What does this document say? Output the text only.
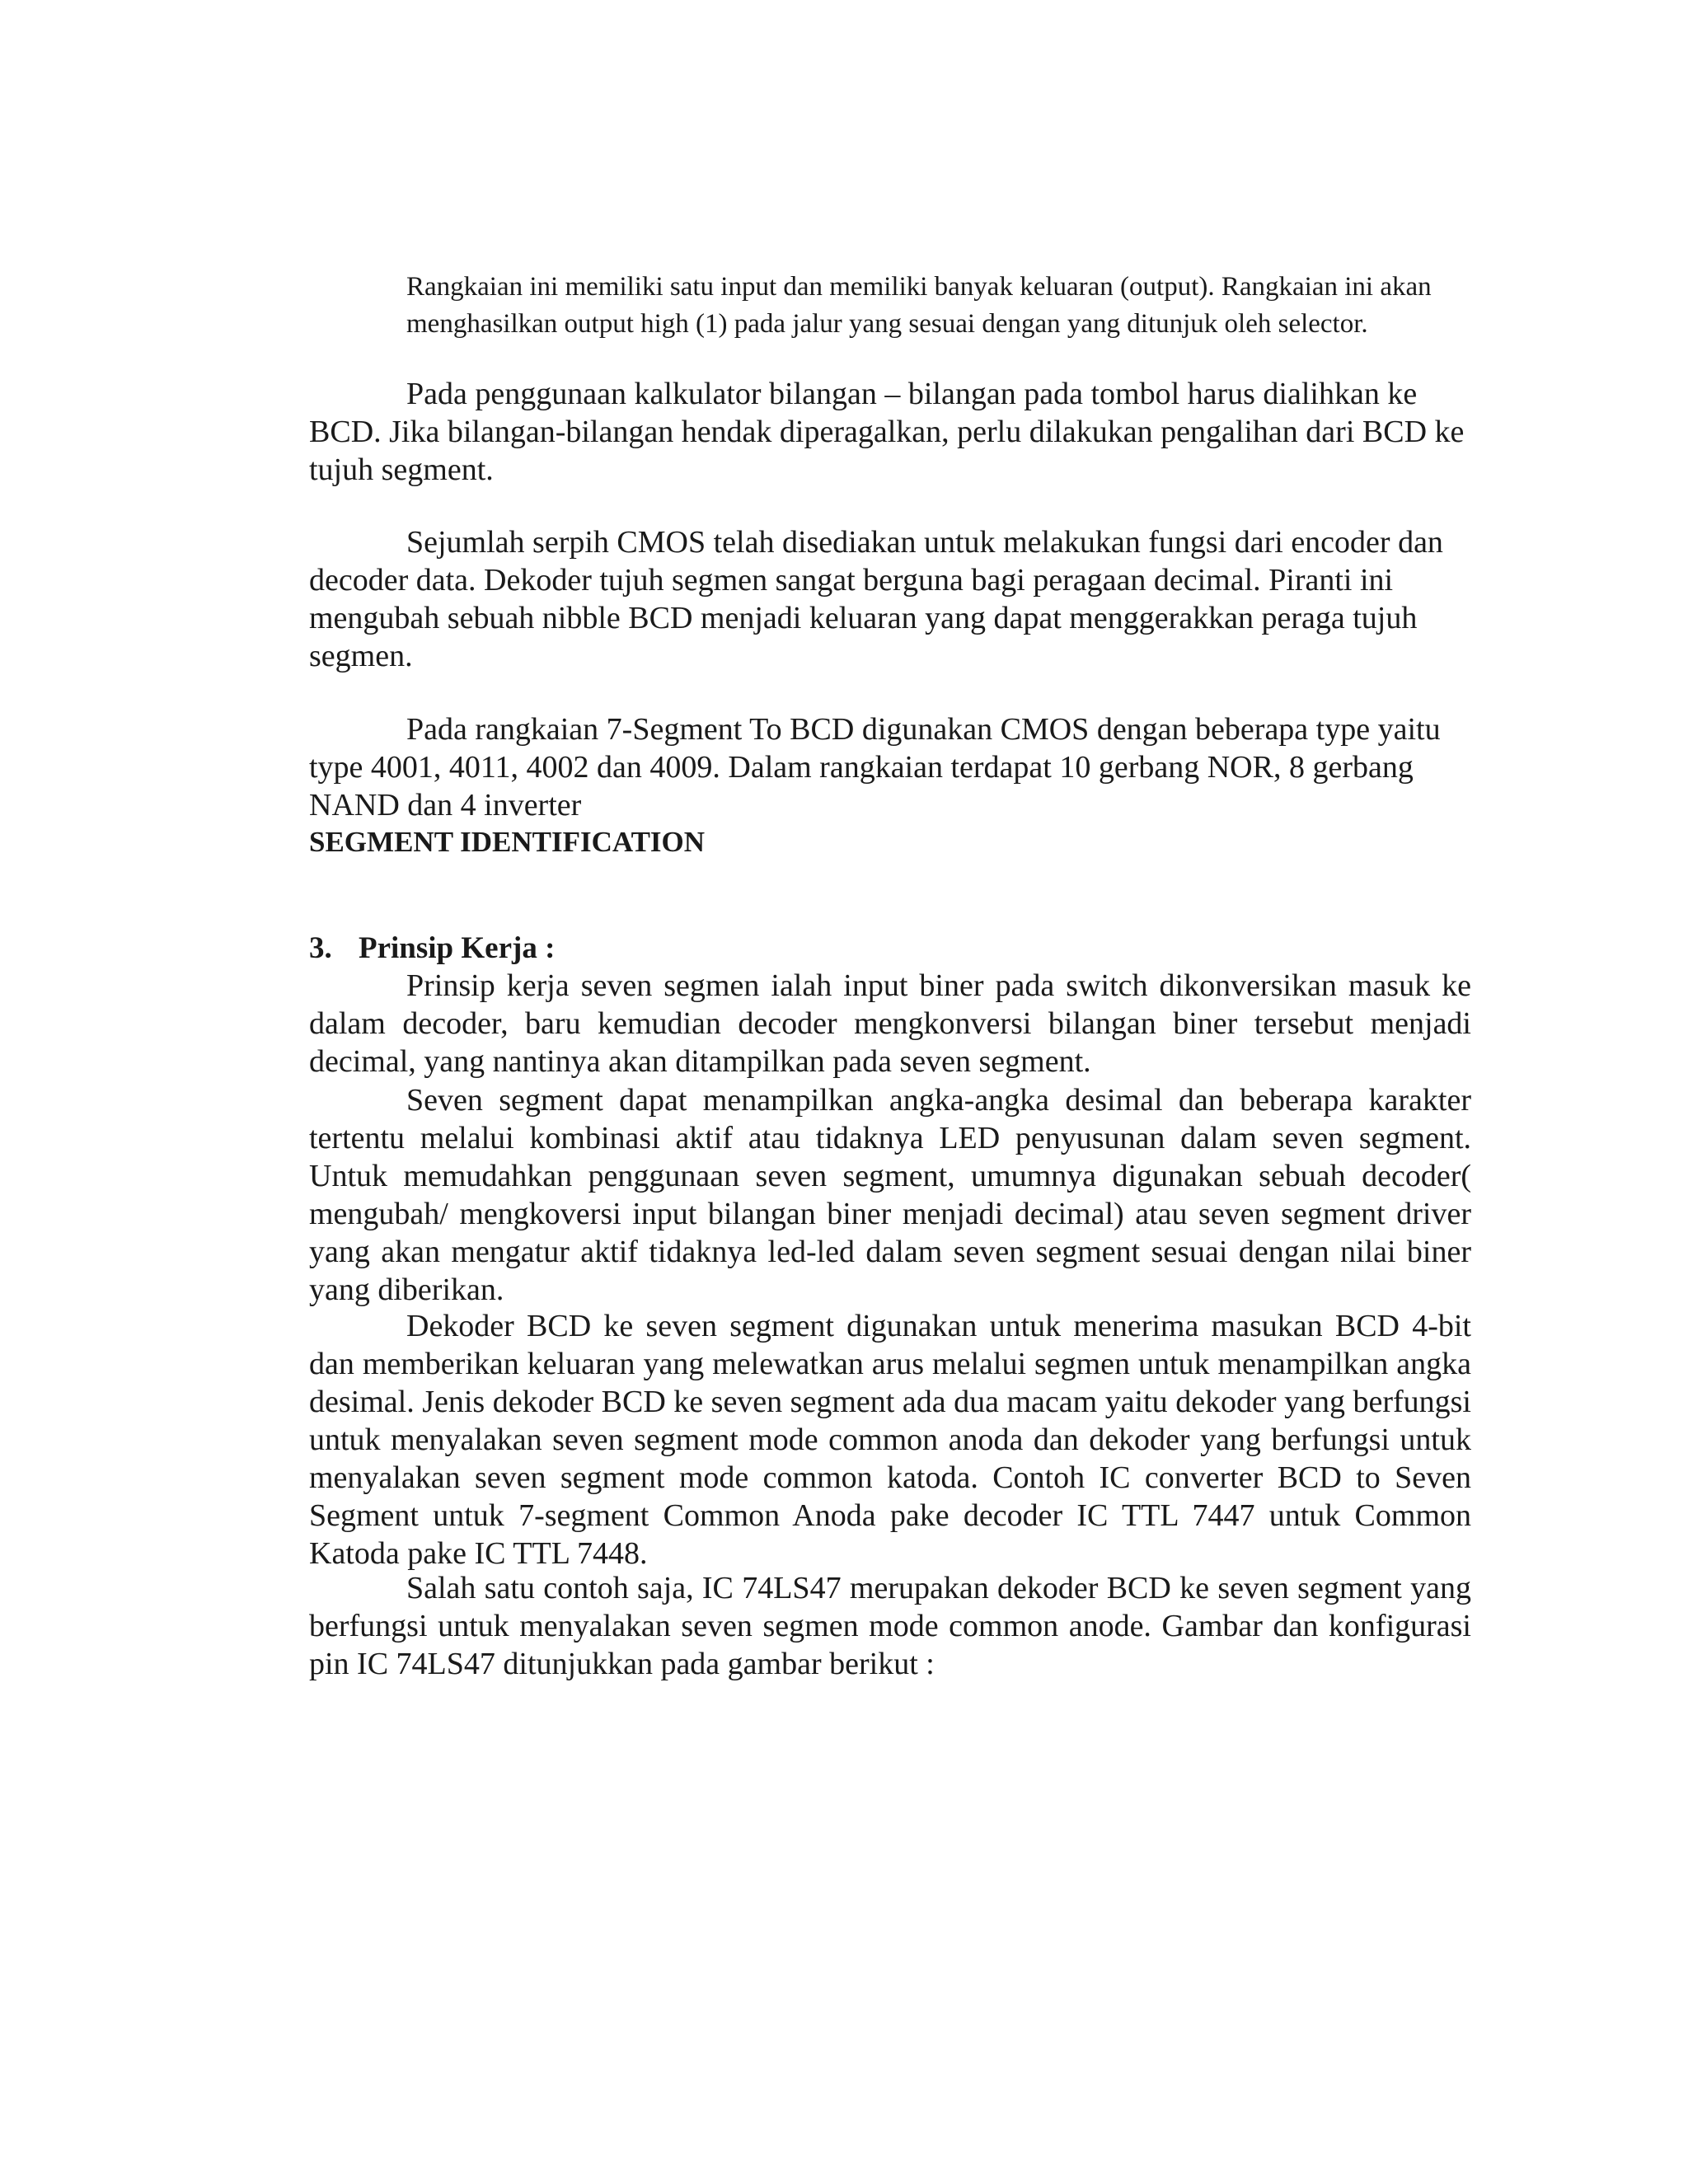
Rangkaian ini memiliki satu input dan memiliki banyak keluaran (output). Rangkaian ini akan menghasilkan output high (1) pada jalur yang sesuai dengan yang ditunjuk oleh selector.

Pada penggunaan kalkulator bilangan – bilangan pada tombol harus dialihkan ke BCD. Jika bilangan-bilangan hendak diperagalkan, perlu dilakukan pengalihan dari BCD ke tujuh segment.

Sejumlah serpih CMOS telah disediakan untuk melakukan fungsi dari encoder dan decoder data. Dekoder tujuh segmen sangat berguna bagi peragaan decimal. Piranti ini mengubah sebuah nibble BCD menjadi keluaran yang dapat menggerakkan peraga tujuh segmen.

Pada rangkaian 7-Segment To BCD digunakan CMOS dengan beberapa type yaitu type 4001, 4011, 4002 dan 4009. Dalam rangkaian terdapat 10 gerbang NOR, 8 gerbang NAND dan 4 inverter

SEGMENT IDENTIFICATION
3. Prinsip Kerja :

Prinsip kerja seven segmen ialah input biner pada switch dikonversikan masuk ke dalam decoder, baru kemudian decoder mengkonversi bilangan biner tersebut menjadi decimal, yang nantinya akan ditampilkan pada seven segment.

Seven segment dapat menampilkan angka-angka desimal dan beberapa karakter tertentu melalui kombinasi aktif atau tidaknya LED penyusunan dalam seven segment. Untuk memudahkan penggunaan seven segment, umumnya digunakan sebuah decoder( mengubah/ mengkoversi input bilangan biner menjadi decimal) atau seven segment driver yang akan mengatur aktif tidaknya led-led dalam seven segment sesuai dengan nilai biner yang diberikan.

Dekoder BCD ke seven segment digunakan untuk menerima masukan BCD 4-bit dan memberikan keluaran yang melewatkan arus melalui segmen untuk menampilkan angka desimal. Jenis dekoder BCD ke seven segment ada dua macam yaitu dekoder yang berfungsi untuk menyalakan seven segment mode common anoda dan dekoder yang berfungsi untuk menyalakan seven segment mode common katoda. Contoh IC converter BCD to Seven Segment untuk 7-segment Common Anoda pake decoder IC TTL 7447 untuk Common Katoda pake IC TTL 7448.

Salah satu contoh saja, IC 74LS47 merupakan dekoder BCD ke seven segment yang berfungsi untuk menyalakan seven segmen mode common anode. Gambar dan konfigurasi pin IC 74LS47 ditunjukkan pada gambar berikut :
